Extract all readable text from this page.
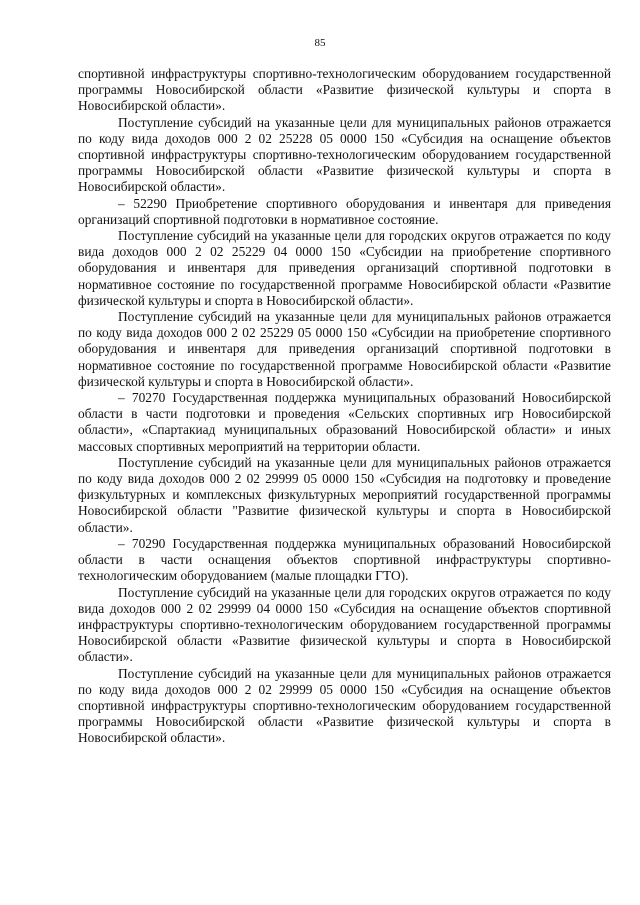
85

спортивной инфраструктуры спортивно-технологическим оборудованием государственной программы Новосибирской области «Развитие физической культуры и спорта в Новосибирской области».

Поступление субсидий на указанные цели для муниципальных районов отражается по коду вида доходов 000 2 02 25228 05 0000 150 «Субсидия на оснащение объектов спортивной инфраструктуры спортивно-технологическим оборудованием государственной программы Новосибирской области «Развитие физической культуры и спорта в Новосибирской области».

– 52290 Приобретение спортивного оборудования и инвентаря для приведения организаций спортивной подготовки в нормативное состояние.

Поступление субсидий на указанные цели для городских округов отражается по коду вида доходов 000 2 02 25229 04 0000 150 «Субсидии на приобретение спортивного оборудования и инвентаря для приведения организаций спортивной подготовки в нормативное состояние по государственной программе Новосибирской области «Развитие физической культуры и спорта в Новосибирской области».

Поступление субсидий на указанные цели для муниципальных районов отражается по коду вида доходов 000 2 02 25229 05 0000 150 «Субсидии на приобретение спортивного оборудования и инвентаря для приведения организаций спортивной подготовки в нормативное состояние по государственной программе Новосибирской области «Развитие физической культуры и спорта в Новосибирской области».

– 70270 Государственная поддержка муниципальных образований Новосибирской области в части подготовки и проведения «Сельских спортивных игр Новосибирской области», «Спартакиад муниципальных образований Новосибирской области» и иных массовых спортивных мероприятий на территории области.

Поступление субсидий на указанные цели для муниципальных районов отражается по коду вида доходов 000 2 02 29999 05 0000 150 «Субсидия на подготовку и проведение физкультурных и комплексных физкультурных мероприятий государственной программы Новосибирской области "Развитие физической культуры и спорта в Новосибирской области».

– 70290 Государственная поддержка муниципальных образований Новосибирской области в части оснащения объектов спортивной инфраструктуры спортивно-технологическим оборудованием (малые площадки ГТО).

Поступление субсидий на указанные цели для городских округов отражается по коду вида доходов 000 2 02 29999 04 0000 150 «Субсидия на оснащение объектов спортивной инфраструктуры спортивно-технологическим оборудованием государственной программы Новосибирской области «Развитие физической культуры и спорта в Новосибирской области».

Поступление субсидий на указанные цели для муниципальных районов отражается по коду вида доходов 000 2 02 29999 05 0000 150 «Субсидия на оснащение объектов спортивной инфраструктуры спортивно-технологическим оборудованием государственной программы Новосибирской области «Развитие физической культуры и спорта в Новосибирской области».
